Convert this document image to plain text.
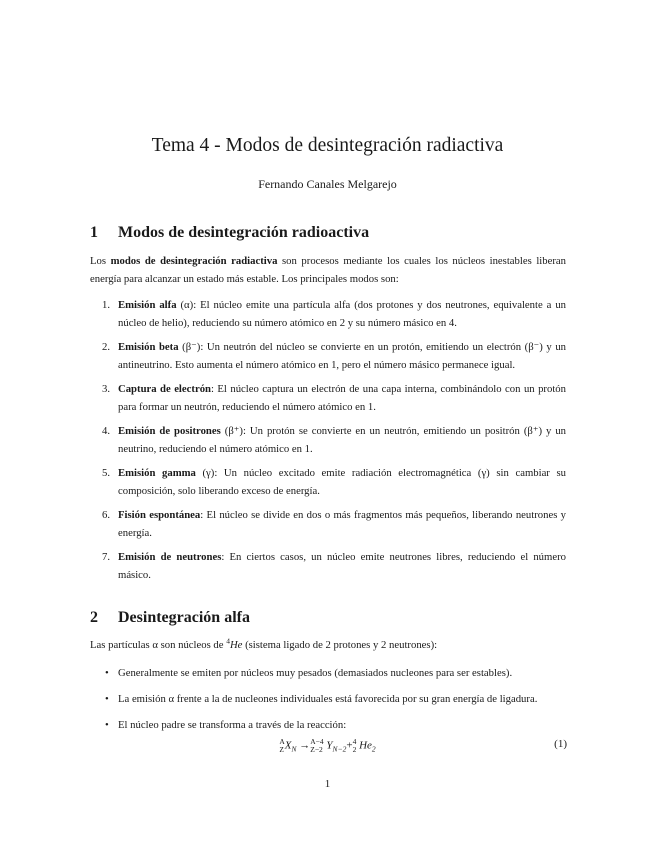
Tema 4 - Modos de desintegración radiactiva
Fernando Canales Melgarejo
1 Modos de desintegración radioactiva
Los modos de desintegración radiactiva son procesos mediante los cuales los núcleos inestables liberan energía para alcanzar un estado más estable. Los principales modos son:
1. Emisión alfa (α): El núcleo emite una partícula alfa (dos protones y dos neutrones, equivalente a un núcleo de helio), reduciendo su número atómico en 2 y su número másico en 4.
2. Emisión beta (β⁻): Un neutrón del núcleo se convierte en un protón, emitiendo un electrón (β⁻) y un antineutrino. Esto aumenta el número atómico en 1, pero el número másico permanece igual.
3. Captura de electrón: El núcleo captura un electrón de una capa interna, combinándolo con un protón para formar un neutrón, reduciendo el número atómico en 1.
4. Emisión de positrones (β⁺): Un protón se convierte en un neutrón, emitiendo un positrón (β⁺) y un neutrino, reduciendo el número atómico en 1.
5. Emisión gamma (γ): Un núcleo excitado emite radiación electromagnética (γ) sin cambiar su composición, solo liberando exceso de energía.
6. Fisión espontánea: El núcleo se divide en dos o más fragmentos más pequeños, liberando neutrones y energía.
7. Emisión de neutrones: En ciertos casos, un núcleo emite neutrones libres, reduciendo el número másico.
2 Desintegración alfa
Las partículas α son núcleos de $^4$He (sistema ligado de 2 protones y 2 neutrones):
• Generalmente se emiten por núcleos muy pesados (demasiados nucleones para ser estables).
• La emisión α frente a la de nucleones individuales está favorecida por su gran energía de ligadura.
• El núcleo padre se transforma a través de la reacción:
A
$ZX_N \to A-4$
Z−2 $Y_{N-2}+4$
2 $He_2$	(1)
1
